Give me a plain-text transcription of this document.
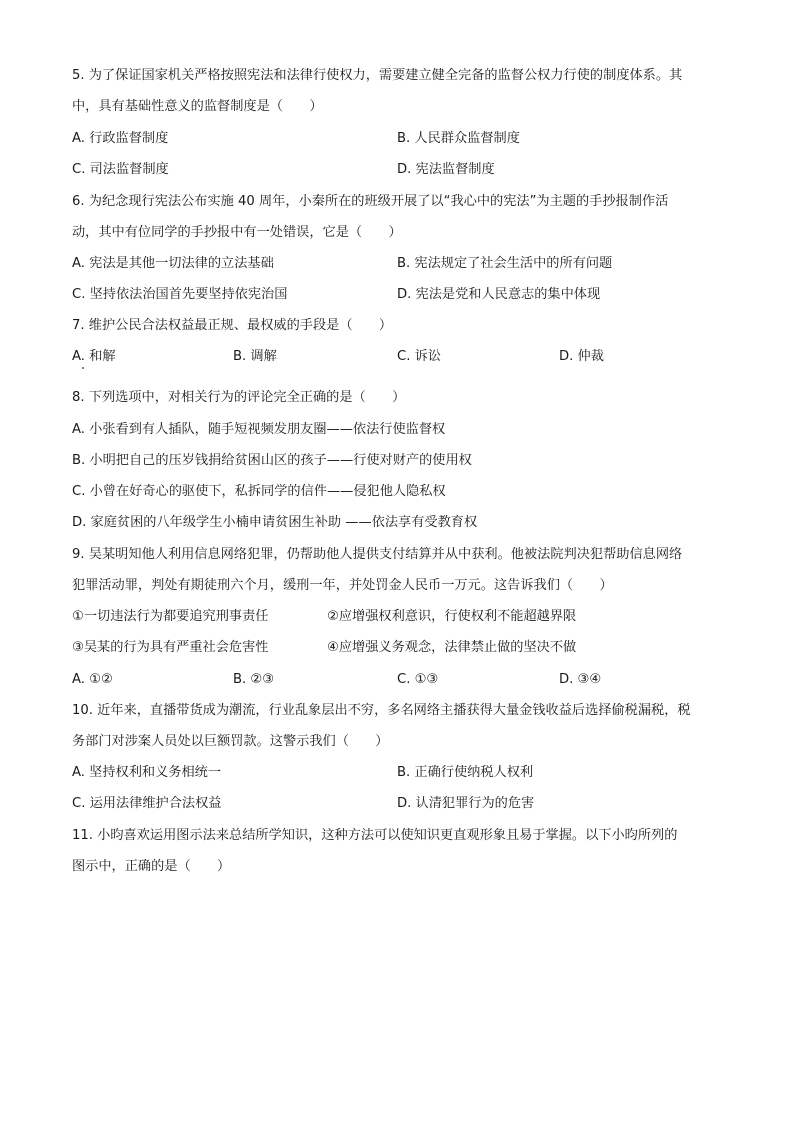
5. 为了保证国家机关严格按照宪法和法律行使权力，需要建立健全完备的监督公权力行使的制度体系。其
中，具有基础性意义的监督制度是（　　）
A. 行政监督制度	B. 人民群众监督制度
C. 司法监督制度	D. 宪法监督制度
6. 为纪念现行宪法公布实施 40 周年，小秦所在的班级开展了以“我心中的宪法”为主题的手抄报制作活
动，其中有位同学的手抄报中有一处错误，它是（　　）
A. 宪法是其他一切法律的立法基础	B. 宪法规定了社会生活中的所有问题
C. 坚持依法治国首先要坚持依宪治国	D. 宪法是党和人民意志的集中体现
7. 维护公民合法权益最正规、最权威的手段是（　　）
A. 和解	B. 调解	C. 诉讼	D. 仲裁
8. 下列选项中，对相关行为的评论完全正确的是（　　）
A. 小张看到有人插队，随手短视频发朋友圈——依法行使监督权
B. 小明把自己的压岁钱捐给贫困山区的孩子——行使对财产的使用权
C. 小曾在好奇心的驱使下，私拆同学的信件——侵犯他人隐私权
D. 家庭贫困的八年级学生小楠申请贫困生补助 ——依法享有受教育权
9. 吴某明知他人利用信息网络犯罪，仍帮助他人提供支付结算并从中获利。他被法院判决犯帮助信息网络
犯罪活动罪，判处有期徒刑六个月，缓刑一年，并处罚金人民币一万元。这告诉我们（　　）
①一切违法行为都要追究刑事责任	②应增强权利意识，行使权利不能超越界限
③吴某的行为具有严重社会危害性	④应增强义务观念，法律禁止做的坚决不做
A. ①②	B. ②③	C. ①③	D. ③④
10. 近年来，直播带货成为潮流，行业乱象层出不穷，多名网络主播获得大量金钱收益后选择偷税漏税，税
务部门对涉案人员处以巨额罚款。这警示我们（　　）
A. 坚持权利和义务相统一	B. 正确行使纳税人权利
C. 运用法律维护合法权益	D. 认清犯罪行为的危害
11. 小昀喜欢运用图示法来总结所学知识，这种方法可以使知识更直观形象且易于掌握。以下小昀所列的
图示中，正确的是（　　）
